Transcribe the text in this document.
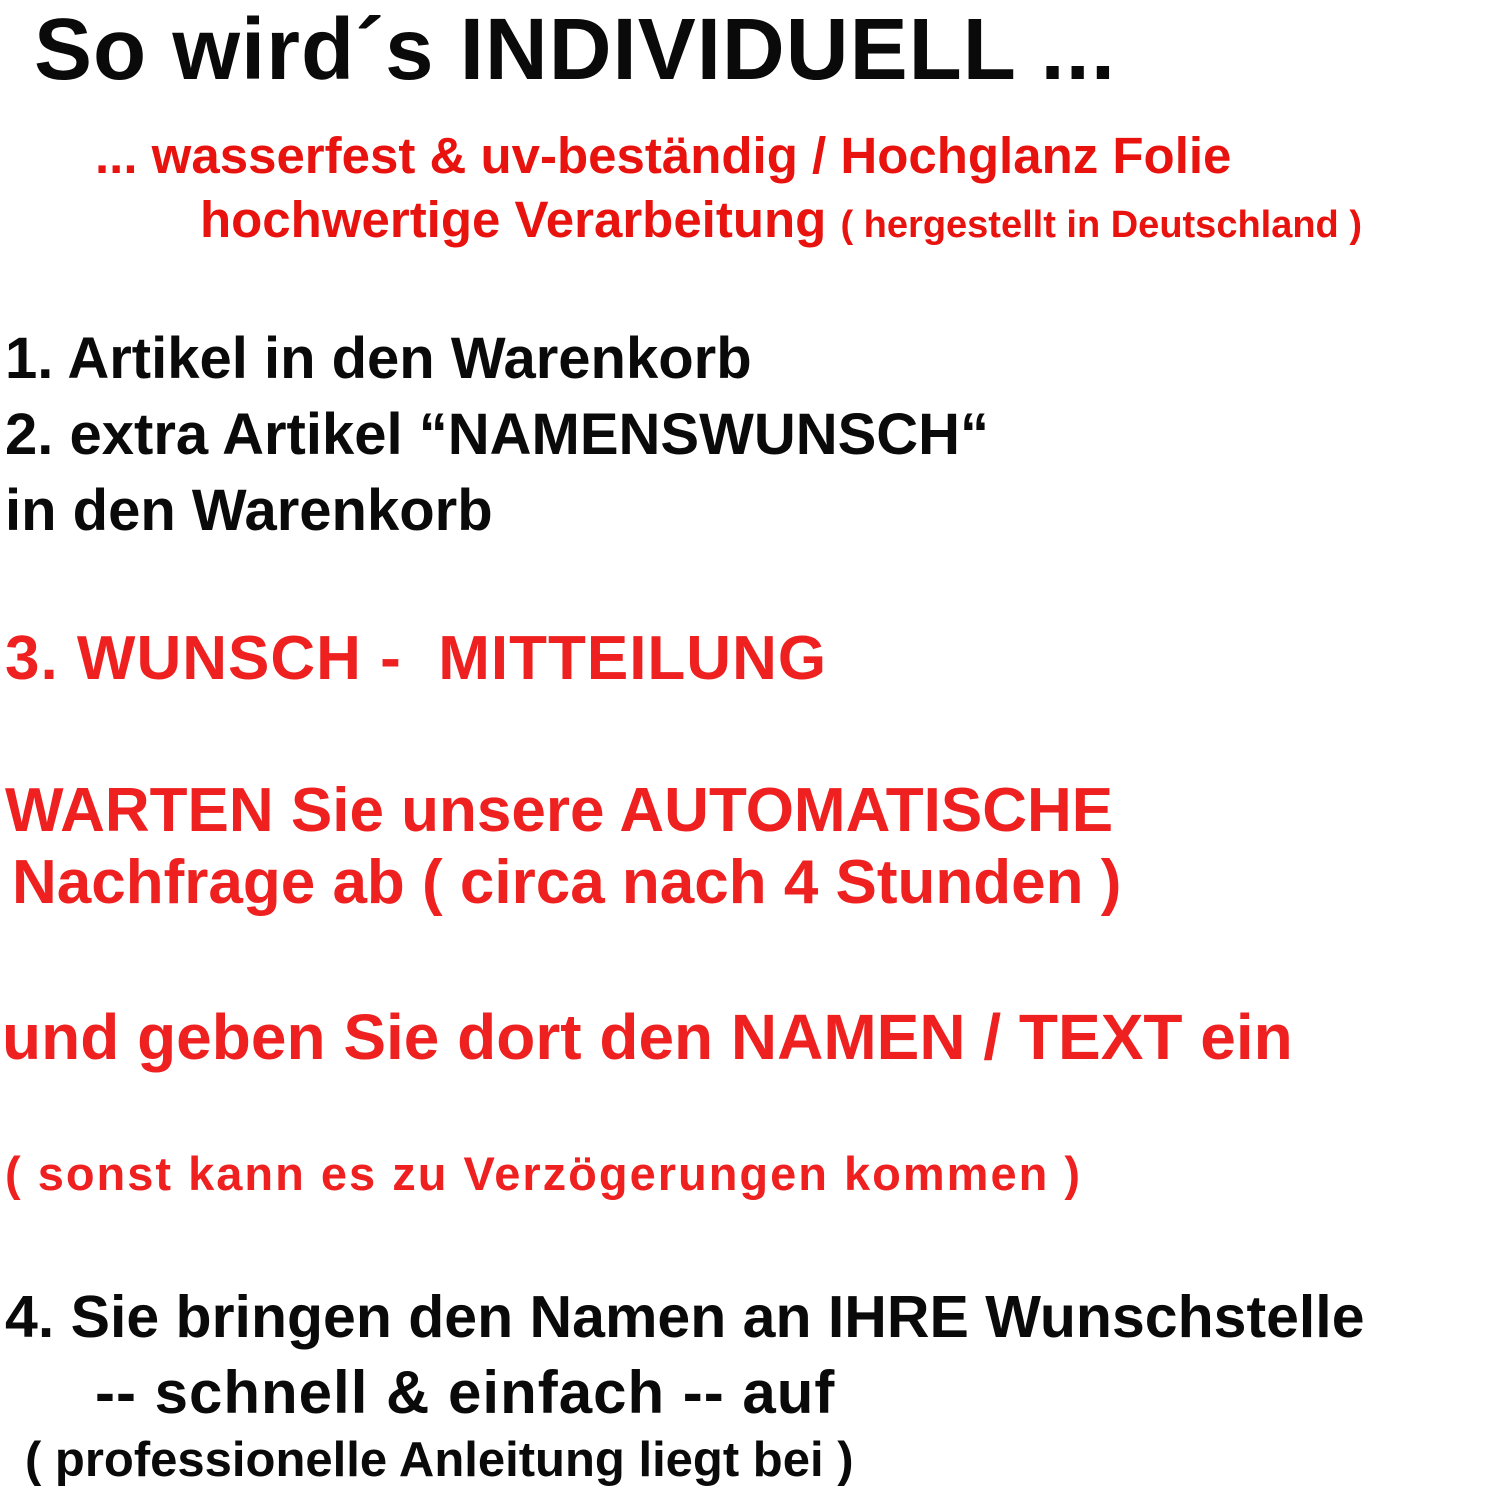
So wird´s INDIVIDUELL ...
... wasserfest & uv-beständig / Hochglanz Folie
hochwertige Verarbeitung ( hergestellt in Deutschland )
1. Artikel in den Warenkorb
2. extra Artikel “NAMENSWUNSCH“
in den Warenkorb
3. WUNSCH -  MITTEILUNG
WARTEN Sie unsere AUTOMATISCHE
Nachfrage ab ( circa nach 4 Stunden )
und geben Sie dort den NAMEN / TEXT ein
( sonst kann es zu Verzögerungen kommen )
4. Sie bringen den Namen an IHRE Wunschstelle
-- schnell & einfach -- auf
( professionelle Anleitung liegt bei )
